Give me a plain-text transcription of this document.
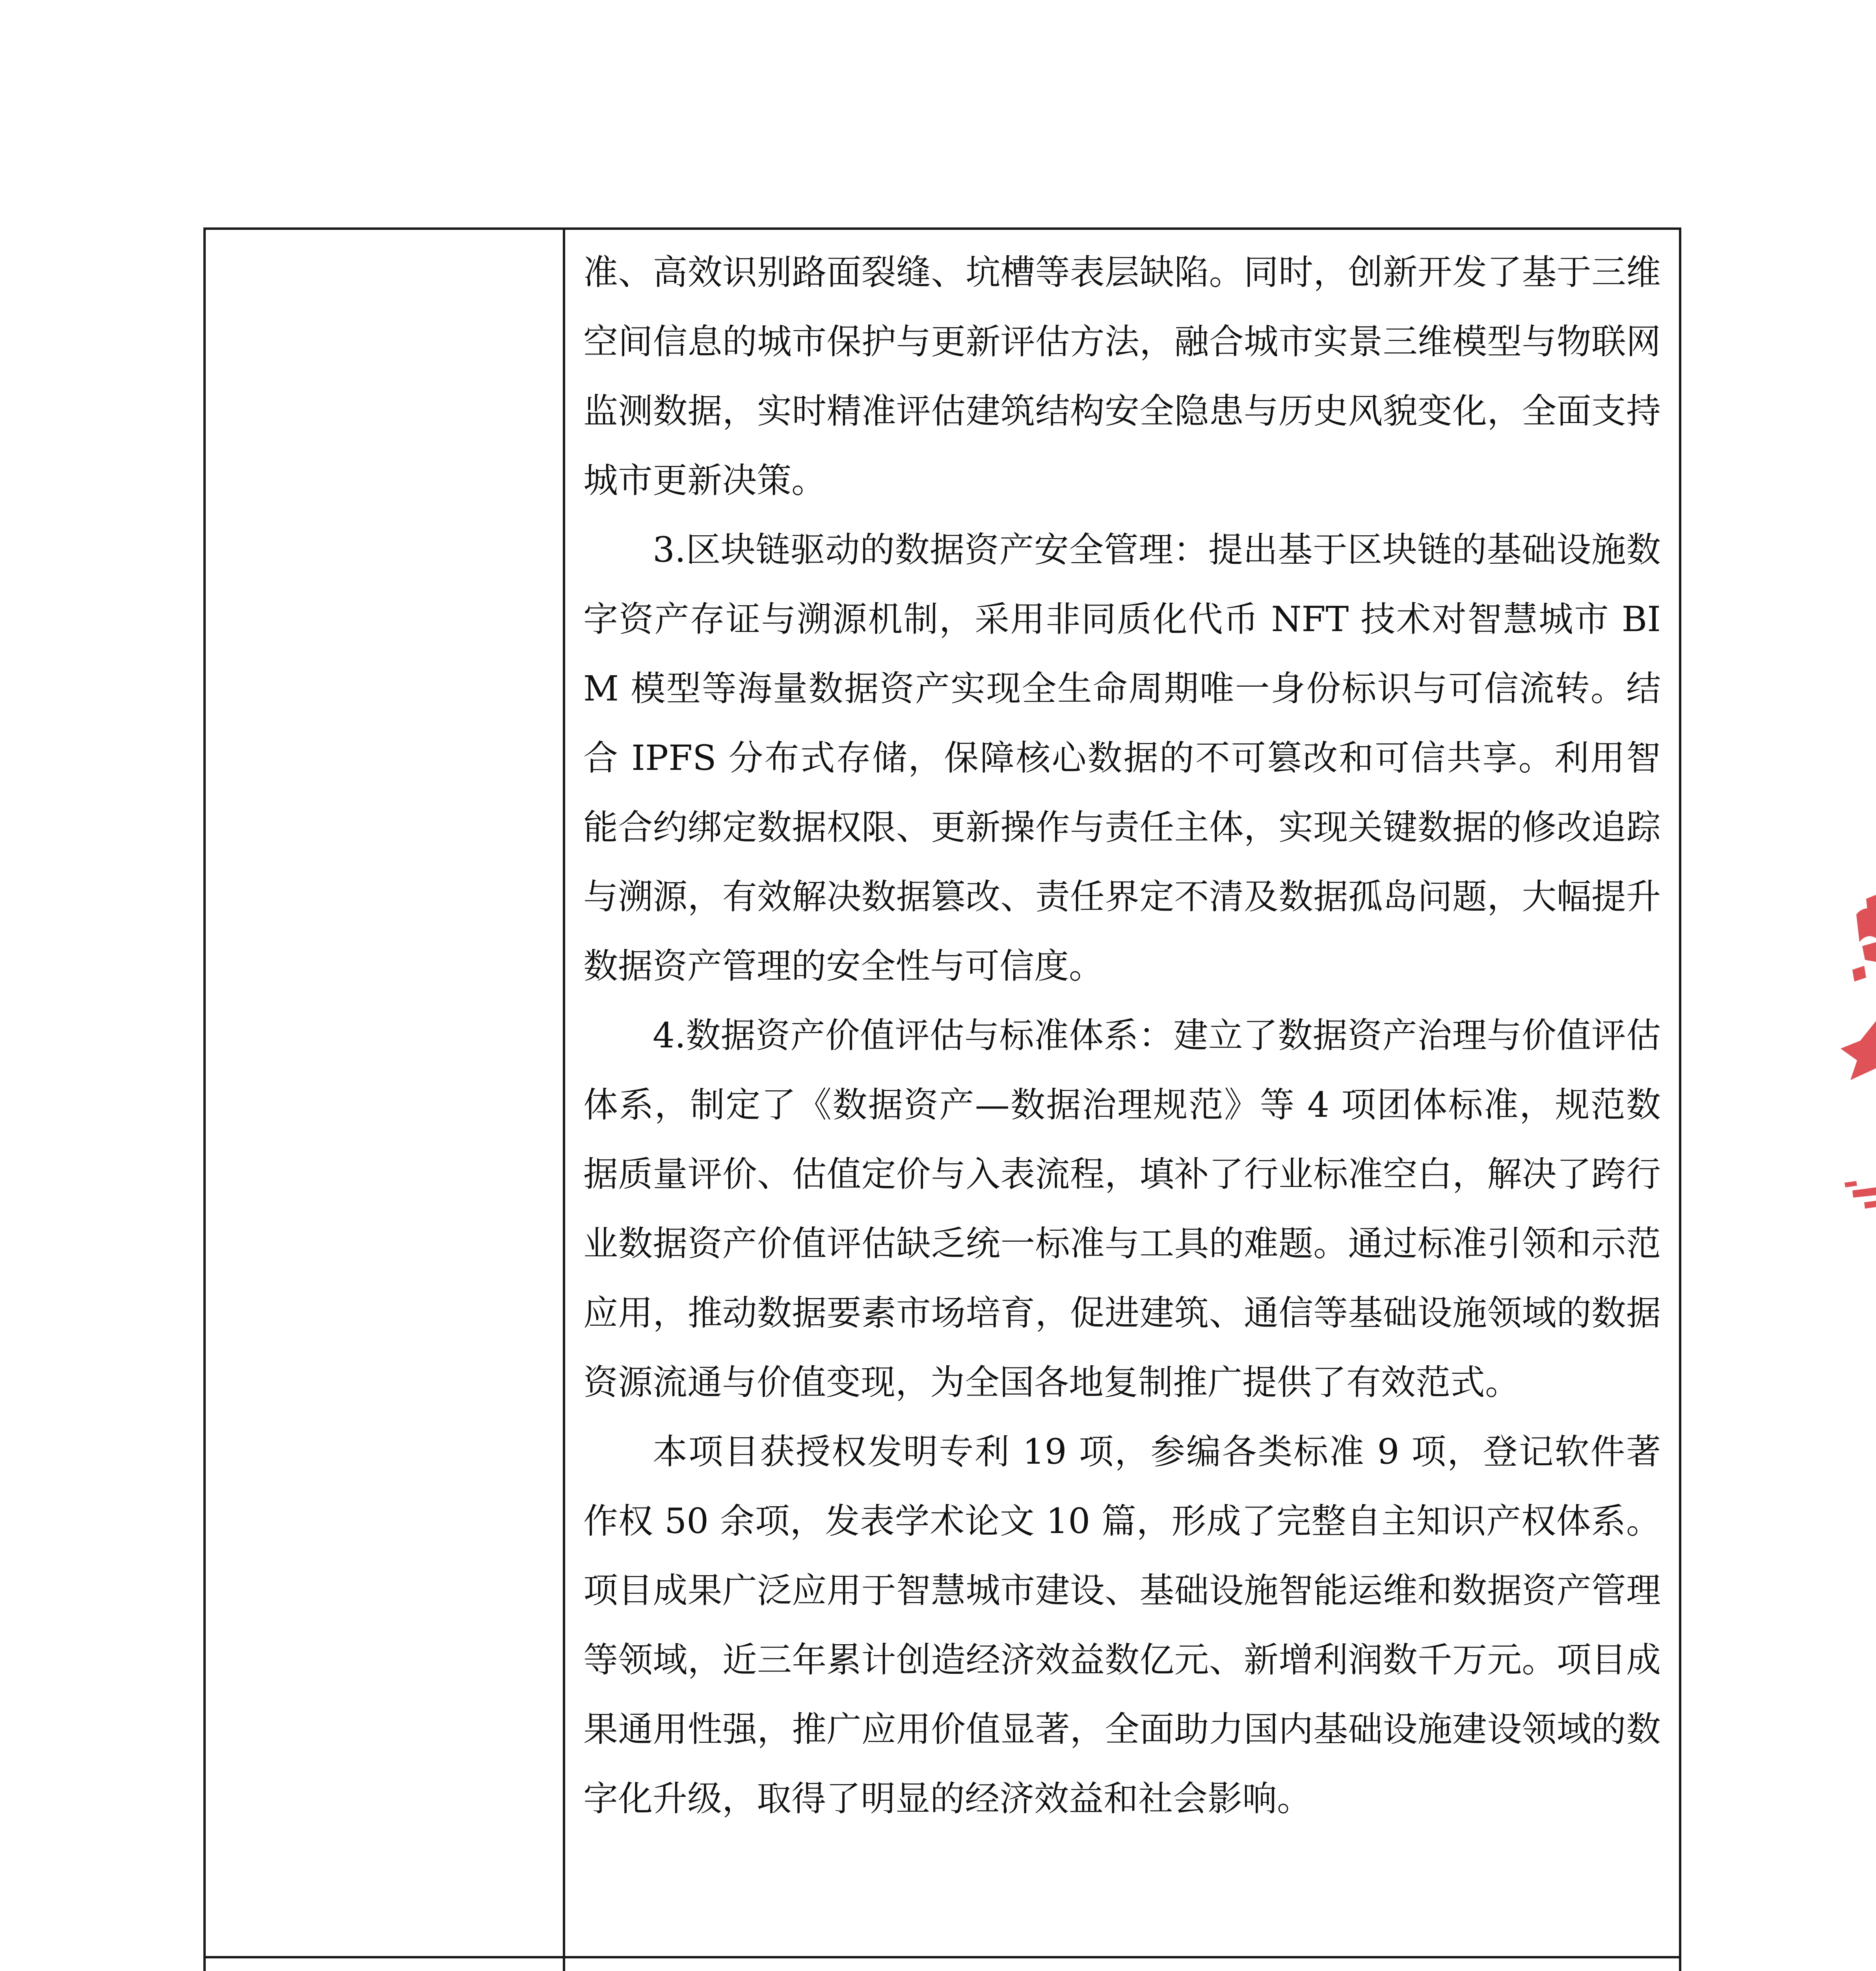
	准、高效识别路面裂缝、坑槽等表层缺陷。同时，创新开发了基于三维空间信息的城市保护与更新评估方法，融合城市实景三维模型与物联网监测数据，实时精准评估建筑结构安全隐患与历史风貌变化，全面支持城市更新决策。

3.区块链驱动的数据资产安全管理：提出基于区块链的基础设施数字资产存证与溯源机制，采用非同质化代币 NFT 技术对智慧城市 BIM 模型等海量数据资产实现全生命周期唯一身份标识与可信流转。结合 IPFS 分布式存储，保障核心数据的不可篡改和可信共享。利用智能合约绑定数据权限、更新操作与责任主体，实现关键数据的修改追踪与溯源，有效解决数据篡改、责任界定不清及数据孤岛问题，大幅提升数据资产管理的安全性与可信度。

4.数据资产价值评估与标准体系：建立了数据资产治理与价值评估体系，制定了《数据资产—数据治理规范》等 4 项团体标准，规范数据质量评价、估值定价与入表流程，填补了行业标准空白，解决了跨行业数据资产价值评估缺乏统一标准与工具的难题。通过标准引领和示范应用，推动数据要素市场培育，促进建筑、通信等基础设施领域的数据资源流通与价值变现，为全国各地复制推广提供了有效范式。

本项目获授权发明专利 19 项，参编各类标准 9 项，登记软件著作权 50 余项，发表学术论文 10 篇，形成了完整自主知识产权体系。项目成果广泛应用于智慧城市建设、基础设施智能运维和数据资产管理等领域，近三年累计创造经济效益数亿元、新增利润数千万元。项目成果通用性强，推广应用价值显著，全面助力国内基础设施建设领域的数字化升级，取得了明显的经济效益和社会影响。
